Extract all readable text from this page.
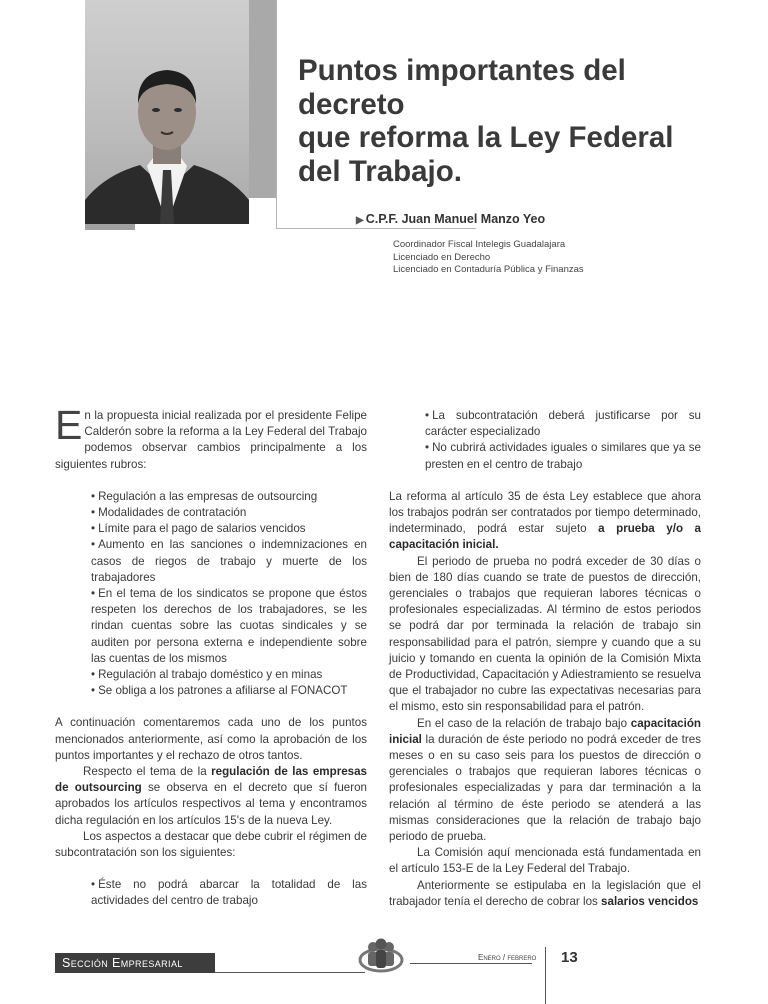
Puntos importantes del decreto
que reforma la Ley Federal
del Trabajo.
▶ C.P.F. Juan Manuel Manzo Yeo
Coordinador Fiscal Intelegis Guadalajara
Licenciado en Derecho
Licenciado en Contaduría Pública y Finanzas

En la propuesta inicial realizada por el presidente Felipe Calderón sobre la reforma a la Ley Federal del Trabajo podemos observar cambios principalmente a los siguientes rubros:

• Regulación a las empresas de outsourcing
• Modalidades de contratación
• Límite para el pago de salarios vencidos
• Aumento en las sanciones o indemnizaciones en casos de riegos de trabajo y muerte de los trabajadores
• En el tema de los sindicatos se propone que éstos respeten los derechos de los trabajadores, se les rindan cuentas sobre las cuotas sindicales y se auditen por persona externa e independiente sobre las cuentas de los mismos
• Regulación al trabajo doméstico y en minas
• Se obliga a los patrones a afiliarse al FONACOT

A continuación comentaremos cada uno de los puntos mencionados anteriormente, así como la aprobación de los puntos importantes y el rechazo de otros tantos.

Respecto el tema de la regulación de las empresas de outsourcing se observa en el decreto que sí fueron aprobados los artículos respectivos al tema y encontramos dicha regulación en los artículos 15's de la nueva Ley.

Los aspectos a destacar que debe cubrir el régimen de subcontratación son los siguientes:

• Éste no podrá abarcar la totalidad de las actividades del centro de trabajo
• La subcontratación deberá justificarse por su carácter especializado
• No cubrirá actividades iguales o similares que ya se presten en el centro de trabajo

La reforma al artículo 35 de ésta Ley establece que ahora los trabajos podrán ser contratados por tiempo determinado, indeterminado, podrá estar sujeto a prueba y/o a capacitación inicial.

El periodo de prueba no podrá exceder de 30 días o bien de 180 días cuando se trate de puestos de dirección, gerenciales o trabajos que requieran labores técnicas o profesionales especializadas. Al término de estos periodos se podrá dar por terminada la relación de trabajo sin responsabilidad para el patrón, siempre y cuando que a su juicio y tomando en cuenta la opinión de la Comisión Mixta de Productividad, Capacitación y Adiestramiento se resuelva que el trabajador no cubre las expectativas necesarias para el mismo, esto sin responsabilidad para el patrón.

En el caso de la relación de trabajo bajo capacitación inicial la duración de éste periodo no podrá exceder de tres meses o en su caso seis para los puestos de dirección o gerenciales o trabajos que requieran labores técnicas o profesionales especializadas y para dar terminación a la relación al término de éste periodo se atenderá a las mismas consideraciones que la relación de trabajo bajo periodo de prueba.

La Comisión aquí mencionada está fundamentada en el artículo 153-E de la Ley Federal del Trabajo.

Anteriormente se estipulaba en la legislación que el trabajador tenía el derecho de cobrar los salarios vencidos

Sección Empresarial	Enero / febrero 13
